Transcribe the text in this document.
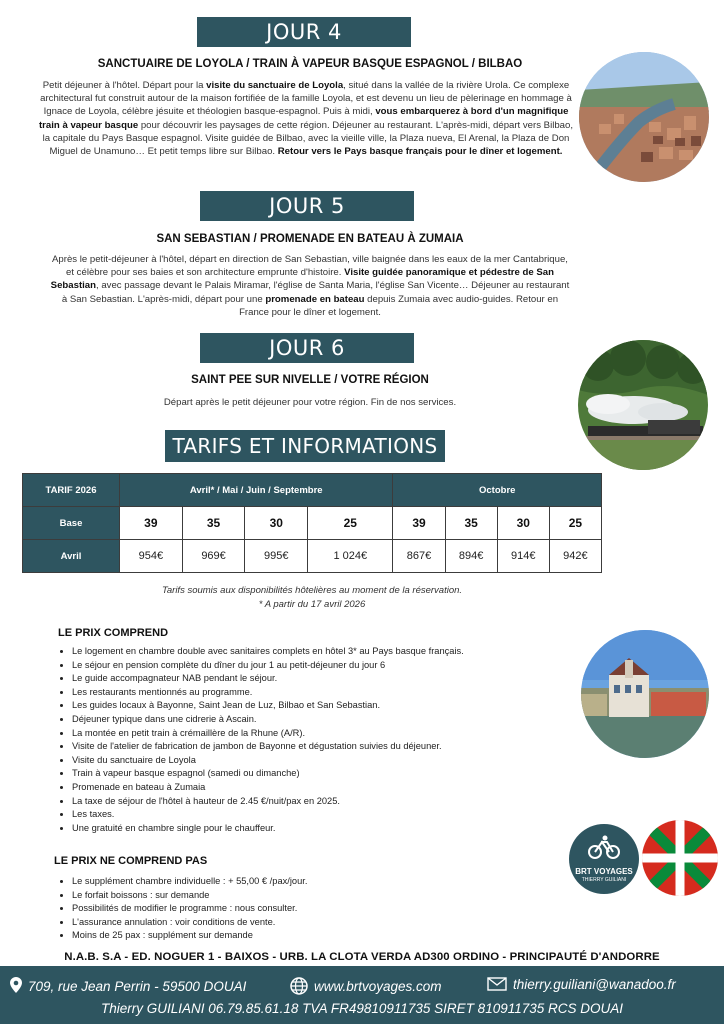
JOUR 4
SANCTUAIRE DE LOYOLA / TRAIN À VAPEUR BASQUE ESPAGNOL / BILBAO
Petit déjeuner à l'hôtel. Départ pour la visite du sanctuaire de Loyola, situé dans la vallée de la rivière Urola. Ce complexe architectural fut construit autour de la maison fortifiée de la famille Loyola, et est devenu un lieu de pèlerinage en hommage à Ignace de Loyola, célèbre jésuite et théologien basque-espagnol. Puis à midi, vous embarquerez à bord d'un magnifique train à vapeur basque pour découvrir les paysages de cette région. Déjeuner au restaurant. L'après-midi, départ vers Bilbao, la capitale du Pays Basque espagnol. Visite guidée de Bilbao, avec la vieille ville, la Plaza nueva, El Arenal, la Plaza de Don Miguel de Unamuno… Et petit temps libre sur Bilbao. Retour vers le Pays basque français pour le dîner et logement.
JOUR 5
SAN SEBASTIAN / PROMENADE EN BATEAU À ZUMAIA
Après le petit-déjeuner à l'hôtel, départ en direction de San Sebastian, ville baignée dans les eaux de la mer Cantabrique, et célèbre pour ses baies et son architecture emprunte d'histoire. Visite guidée panoramique et pédestre de San Sebastian, avec passage devant le Palais Miramar, l'église de Santa Maria, l'église San Vicente… Déjeuner au restaurant à San Sebastian. L'après-midi, départ pour une promenade en bateau depuis Zumaia avec audio-guides. Retour en France pour le dîner et logement.
JOUR 6
SAINT PEE SUR NIVELLE / VOTRE RÉGION
Départ après le petit déjeuner pour votre région. Fin de nos services.
TARIFS ET INFORMATIONS
TARIF 2026	Avril* / Mai / Juin / Septembre				Octobre			
Base	39	35	30	25	39	35	30	25
Avril	954€	969€	995€	1 024€	867€	894€	914€	942€
Tarifs soumis aux disponibilités hôtelières au moment de la réservation.
* A partir du 17 avril 2026
LE PRIX COMPREND
• Le logement en chambre double avec sanitaires complets en hôtel 3* au Pays basque français.
• Le séjour en pension complète du dîner du jour 1 au petit-déjeuner du jour 6
• Le guide accompagnateur NAB pendant le séjour.
• Les restaurants mentionnés au programme.
• Les guides locaux à Bayonne, Saint Jean de Luz, Bilbao et San Sebastian.
• Déjeuner typique dans une cidrerie à Ascain.
• La montée en petit train à crémaillère de la Rhune (A/R).
• Visite de l'atelier de fabrication de jambon de Bayonne et dégustation suivies du déjeuner.
• Visite du sanctuaire de Loyola
• Train à vapeur basque espagnol (samedi ou dimanche)
• Promenade en bateau à Zumaia
• La taxe de séjour de l'hôtel à hauteur de 2.45 €/nuit/pax en 2025.
• Les taxes.
• Une gratuité en chambre single pour le chauffeur.
BRT VOYAGES
THIERRY GUILIANI
LE PRIX NE COMPREND PAS
• Le supplément chambre individuelle : + 55,00 € /pax/jour.
• Le forfait boissons : sur demande
• Possibilités de modifier le programme : nous consulter.
• L'assurance annulation : voir conditions de vente.
• Moins de 25 pax : supplément sur demande
N.A.B. S.A - ED. NOGUER 1 - BAIXOS - URB. LA CLOTA VERDA AD300 ORDINO - PRINCIPAUTÉ D'ANDORRE
709, rue Jean Perrin - 59500 DOUAI	www.brtvoyages.com	thierry.guiliani@wanadoo.fr
Thierry GUILIANI 06.79.85.61.18 TVA FR49810911735 SIRET 810911735 RCS DOUAI
